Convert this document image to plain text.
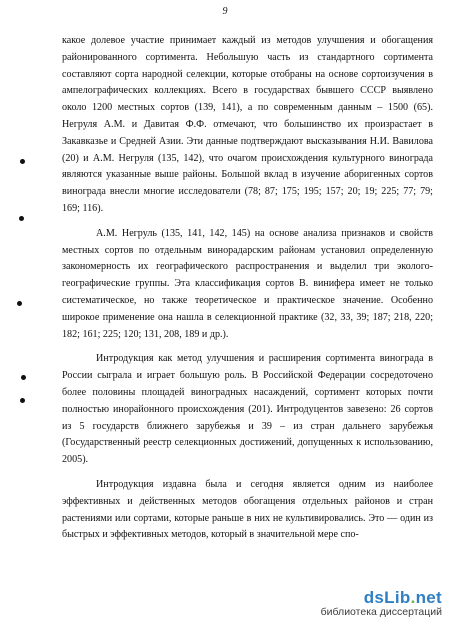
9

какое долевое участие принимает каждый из методов улучшения и обогащения районированного сортимента. Небольшую часть из стандартного сортимента составляют сорта народной селекции, которые отобраны на основе сортоизучения в ампелографических коллекциях. Всего в государствах бывшего СССР выявлено около 1200 местных сортов (139, 141), а по современным данным – 1500 (65). Негруля А.М. и Давитая Ф.Ф. отмечают, что большинство их произрастает в Закавказье и Средней Азии. Эти данные подтверждают высказывания Н.И. Вавилова (20) и А.М. Негруля (135, 142), что очагом происхождения культурного винограда являются указанные выше районы. Большой вклад в изучение аборигенных сортов винограда внесли многие исследователи (78; 87; 175; 195; 157; 20; 19; 225; 77; 79; 169; 116).

А.М. Негруль (135, 141, 142, 145) на основе анализа признаков и свойств местных сортов по отдельным винорадарским районам установил определенную закономерность их географического распространения и выделил три эколого-географические группы. Эта классификация сортов В. винифера имеет не только систематическое, но также теоретическое и практическое значение. Особенно широкое применение она нашла в селекционной практике (32, 33, 39; 187; 218, 220; 182; 161; 225; 120; 131, 208, 189 и др.).

Интродукция как метод улучшения и расширения сортимента винограда в России сыграла и играет большую роль. В Российской Федерации сосредоточено более половины площадей виноградных насаждений, сортимент которых почти полностью инорайонного происхождения (201). Интродуцентов завезено: 26 сортов из 5 государств ближнего зарубежья и 39 – из стран дальнего зарубежья (Государственный реестр селекционных достижений, допущенных к использованию, 2005).

Интродукция издавна была и сегодня является одним из наиболее эффективных и действенных методов обогащения отдельных районов и стран растениями или сортами, которые раньше в них не культивировались. Это — один из быстрых и эффективных методов, который в значительной мере спо-

dsLib.net
библиотека диссертаций
